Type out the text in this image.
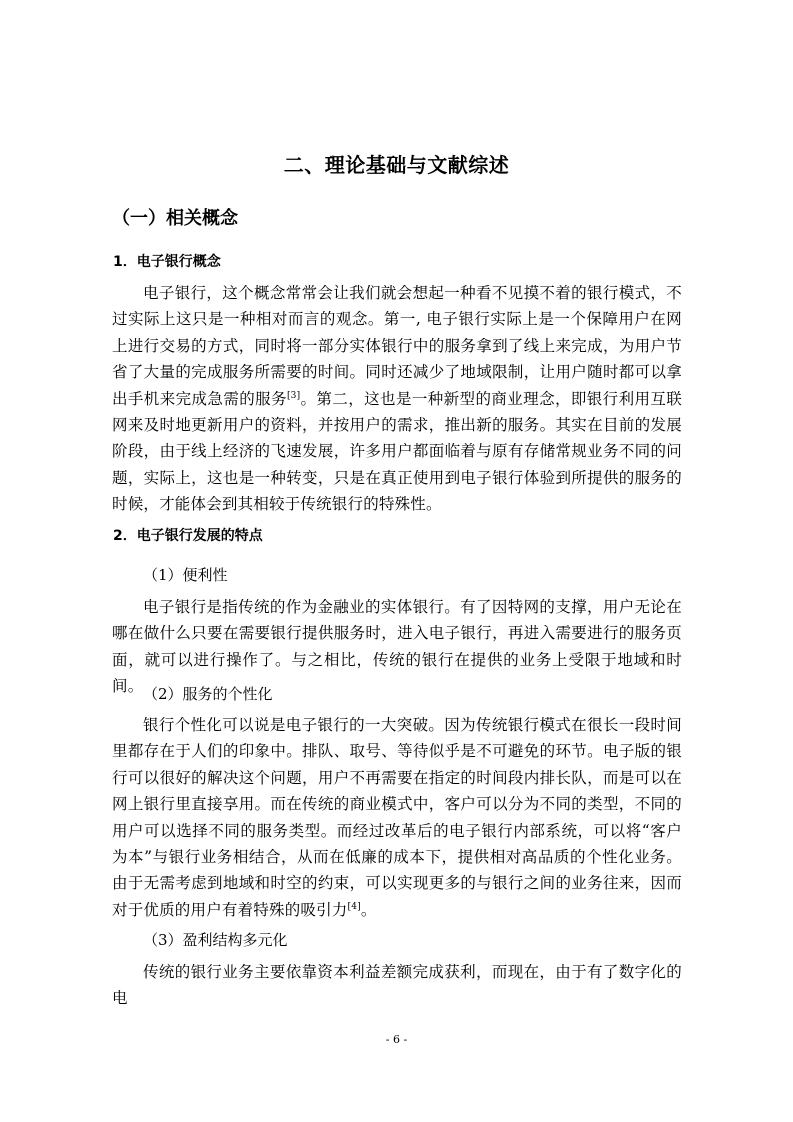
二、理论基础与文献综述
（一）相关概念
1．电子银行概念

电子银行，这个概念常常会让我们就会想起一种看不见摸不着的银行模式，不过实际上这只是一种相对而言的观念。第一, 电子银行实际上是一个保障用户在网上进行交易的方式，同时将一部分实体银行中的服务拿到了线上来完成，为用户节省了大量的完成服务所需要的时间。同时还减少了地域限制，让用户随时都可以拿出手机来完成急需的服务[3]。第二，这也是一种新型的商业理念，即银行利用互联网来及时地更新用户的资料，并按用户的需求，推出新的服务。其实在目前的发展阶段，由于线上经济的飞速发展，许多用户都面临着与原有存储常规业务不同的问题，实际上，这也是一种转变，只是在真正使用到电子银行体验到所提供的服务的时候，才能体会到其相较于传统银行的特殊性。

2．电子银行发展的特点
（1）便利性

电子银行是指传统的作为金融业的实体银行。有了因特网的支撑，用户无论在哪在做什么只要在需要银行提供服务时，进入电子银行，再进入需要进行的服务页面，就可以进行操作了。与之相比，传统的银行在提供的业务上受限于地域和时间。 （2）服务的个性化

银行个性化可以说是电子银行的一大突破。因为传统银行模式在很长一段时间里都存在于人们的印象中。排队、取号、等待似乎是不可避免的环节。电子版的银行可以很好的解决这个问题，用户不再需要在指定的时间段内排长队，而是可以在网上银行里直接享用。而在传统的商业模式中，客户可以分为不同的类型，不同的用户可以选择不同的服务类型。而经过改革后的电子银行内部系统，可以将“客户为本”与银行业务相结合，从而在低廉的成本下，提供相对高品质的个性化业务。由于无需考虑到地域和时空的约束，可以实现更多的与银行之间的业务往来，因而对于优质的用户有着特殊的吸引力[4]。

（3）盈利结构多元化

传统的银行业务主要依靠资本利益差额完成获利，而现在，由于有了数字化的电

- 6 -
